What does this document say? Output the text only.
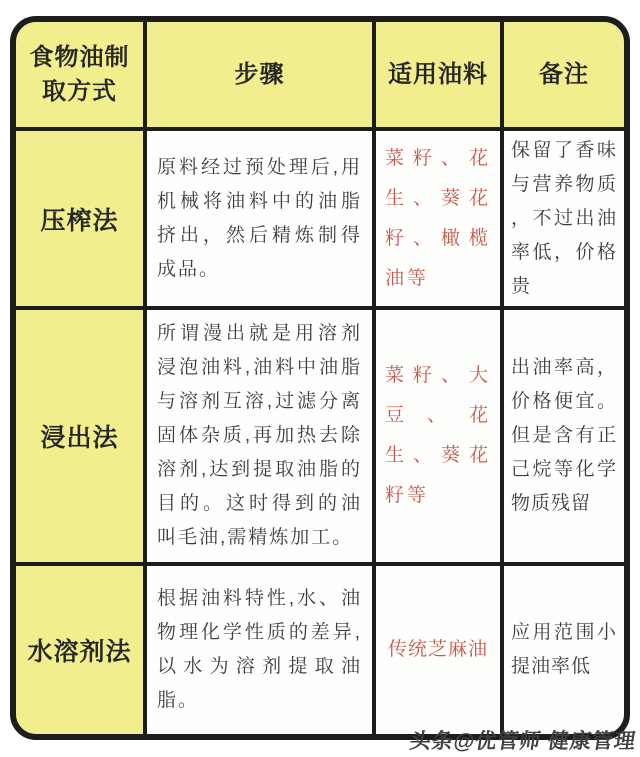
食物油制取方式
步骤	适用油料 备注
压榨法
原料经过预处理后,用机械将油料中的油脂挤出，然后精炼制得成品。
菜籽、花生、葵花籽、橄榄油等
保留了香味与营养物质，不过出油率低，价格贵
浸出法
所谓漫出就是用溶剂浸泡油料,油料中油脂与溶剂互溶,过滤分离固体杂质,再加热去除溶剂,达到提取油脂的目的。这时得到的油叫毛油,需精炼加工。
菜籽、大豆、花生、葵花籽等
出油率高，价格便宜。但是含有正己烷等化学物质残留
水溶剂法
根据油料特性,水、油物理化学性质的差异,以水为溶剂提取油脂。
传统芝麻油
应用范围小提油率低
头条@优管师 健康管理
